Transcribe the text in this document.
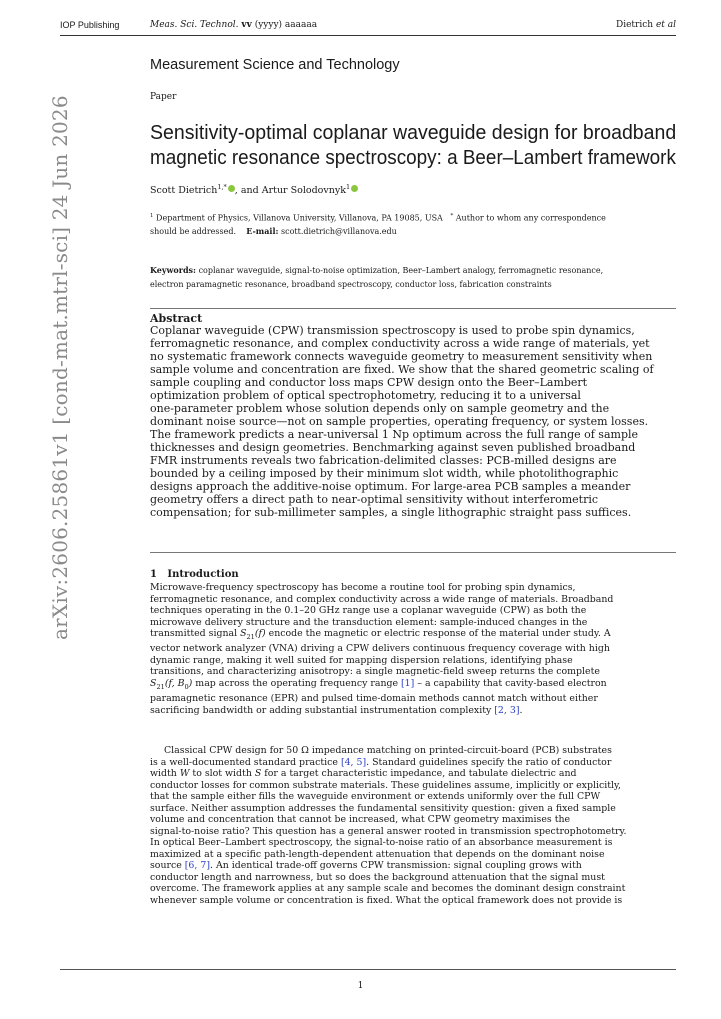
IOP Publishing	Meas. Sci. Technol. vv (yyyy) aaaaaa	Dietrich et al
arXiv:2606.25861v1 [cond-mat.mtrl-sci] 24 Jun 2026
Measurement Science and Technology
Paper
Sensitivity-optimal coplanar waveguide design for broadband
magnetic resonance spectroscopy: a Beer–Lambert framework
Scott Dietrich$^{1,*}$ , and Artur Solodovnyk$^1$
$^1$ Department of Physics, Villanova University, Villanova, PA 19085, USA * Author to whom any correspondence
should be addressed. E-mail: scott.dietrich@villanova.edu
Keywords: coplanar waveguide, signal-to-noise optimization, Beer–Lambert analogy, ferromagnetic resonance,
electron paramagnetic resonance, broadband spectroscopy, conductor loss, fabrication constraints
Abstract
Coplanar waveguide (CPW) transmission spectroscopy is used to probe spin dynamics,
ferromagnetic resonance, and complex conductivity across a wide range of materials, yet
no systematic framework connects waveguide geometry to measurement sensitivity when
sample volume and concentration are fixed. We show that the shared geometric scaling of
sample coupling and conductor loss maps CPW design onto the Beer–Lambert
optimization problem of optical spectrophotometry, reducing it to a universal
one-parameter problem whose solution depends only on sample geometry and the
dominant noise source—not on sample properties, operating frequency, or system losses.
The framework predicts a near-universal 1 Np optimum across the full range of sample
thicknesses and design geometries. Benchmarking against seven published broadband
FMR instruments reveals two fabrication-delimited classes: PCB-milled designs are
bounded by a ceiling imposed by their minimum slot width, while photolithographic
designs approach the additive-noise optimum. For large-area PCB samples a meander
geometry offers a direct path to near-optimal sensitivity without interferometric
compensation; for sub-millimeter samples, a single lithographic straight pass suffices.
1 Introduction
Microwave-frequency spectroscopy has become a routine tool for probing spin dynamics,
ferromagnetic resonance, and complex conductivity across a wide range of materials. Broadband
techniques operating in the 0.1–20 GHz range use a coplanar waveguide (CPW) as both the
microwave delivery structure and the transduction element: sample-induced changes in the
transmitted signal $S_{21}(f)$ encode the magnetic or electric response of the material under study. A
vector network analyzer (VNA) driving a CPW delivers continuous frequency coverage with high
dynamic range, making it well suited for mapping dispersion relations, identifying phase
transitions, and characterizing anisotropy: a single magnetic-field sweep returns the complete
$S_{21}(f$, $B_0$) map across the operating frequency range [1] – a capability that cavity-based electron
paramagnetic resonance (EPR) and pulsed time-domain methods cannot match without either
sacrificing bandwidth or adding substantial instrumentation complexity [2, 3].
Classical CPW design for 50 Ω impedance matching on printed-circuit-board (PCB) substrates
is a well-documented standard practice [4, 5]. Standard guidelines specify the ratio of conductor
width W to slot width S for a target characteristic impedance, and tabulate dielectric and
conductor losses for common substrate materials. These guidelines assume, implicitly or explicitly,
that the sample either fills the waveguide environment or extends uniformly over the full CPW
surface. Neither assumption addresses the fundamental sensitivity question: given a fixed sample
volume and concentration that cannot be increased, what CPW geometry maximises the
signal-to-noise ratio? This question has a general answer rooted in transmission spectrophotometry.
In optical Beer–Lambert spectroscopy, the signal-to-noise ratio of an absorbance measurement is
maximized at a specific path-length-dependent attenuation that depends on the dominant noise
source [6, 7]. An identical trade-off governs CPW transmission: signal coupling grows with
conductor length and narrowness, but so does the background attenuation that the signal must
overcome. The framework applies at any sample scale and becomes the dominant design constraint
whenever sample volume or concentration is fixed. What the optical framework does not provide is
1
